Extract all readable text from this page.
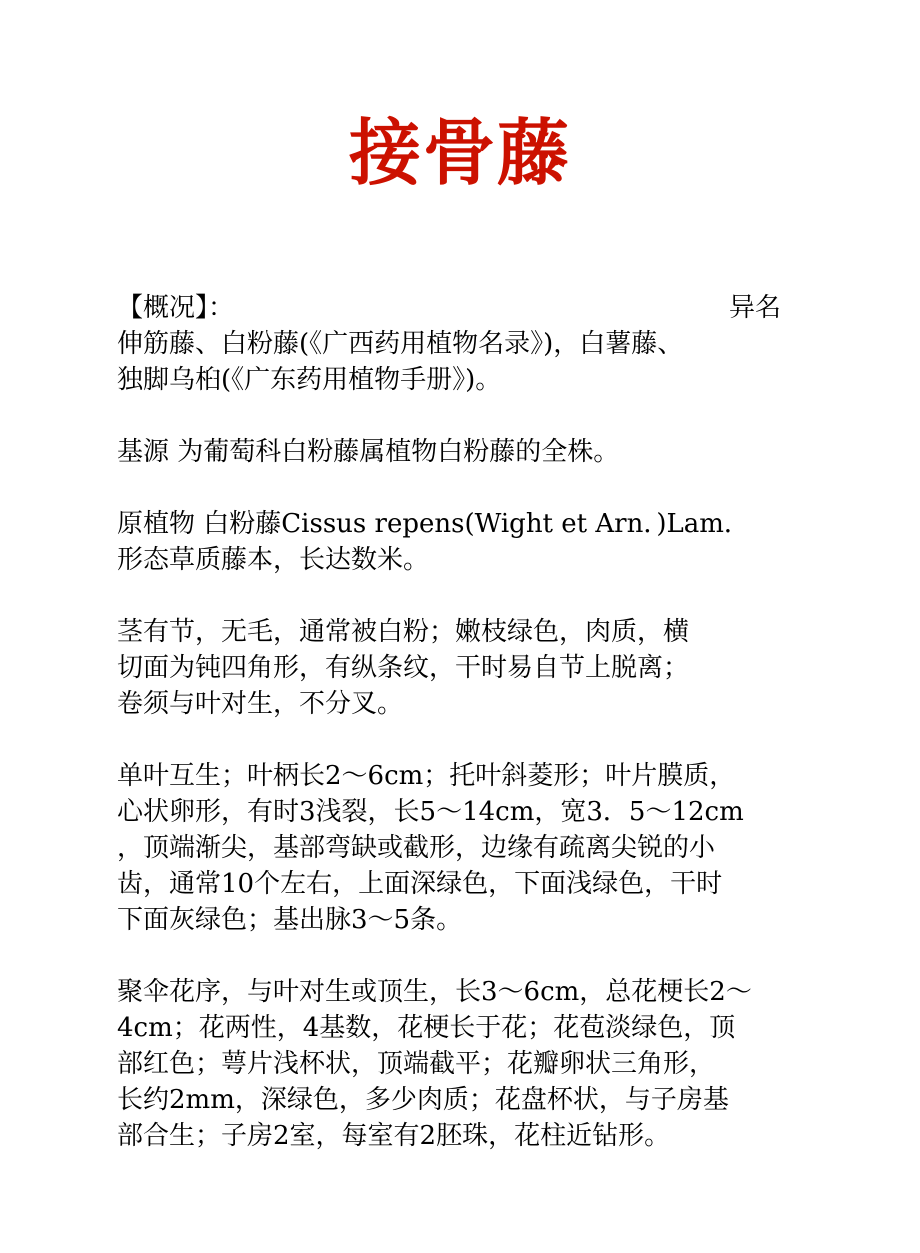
接骨藤
【概况】：	异名
伸筋藤、白粉藤(《广西药用植物名录》)，白薯藤、
独脚乌桕(《广东药用植物手册》)。
基源 为葡萄科白粉藤属植物白粉藤的全株。
原植物 白粉藤Cissus repens(Wight et Arn．)Lam．
形态草质藤本，长达数米。
茎有节，无毛，通常被白粉；嫩枝绿色，肉质，横
切面为钝四角形，有纵条纹，干时易自节上脱离；
卷须与叶对生，不分叉。
单叶互生；叶柄长2～6cm；托叶斜菱形；叶片膜质，
心状卵形，有时3浅裂，长5～14cm，宽3．5～12cm
，顶端渐尖，基部弯缺或截形，边缘有疏离尖锐的小
齿，通常10个左右，上面深绿色，下面浅绿色，干时
下面灰绿色；基出脉3～5条。
聚伞花序，与叶对生或顶生，长3～6cm，总花梗长2～
4cm；花两性，4基数，花梗长于花；花苞淡绿色，顶
部红色；萼片浅杯状，顶端截平；花瓣卵状三角形，
长约2mm，深绿色，多少肉质；花盘杯状，与子房基
部合生；子房2室，每室有2胚珠，花柱近钻形。
